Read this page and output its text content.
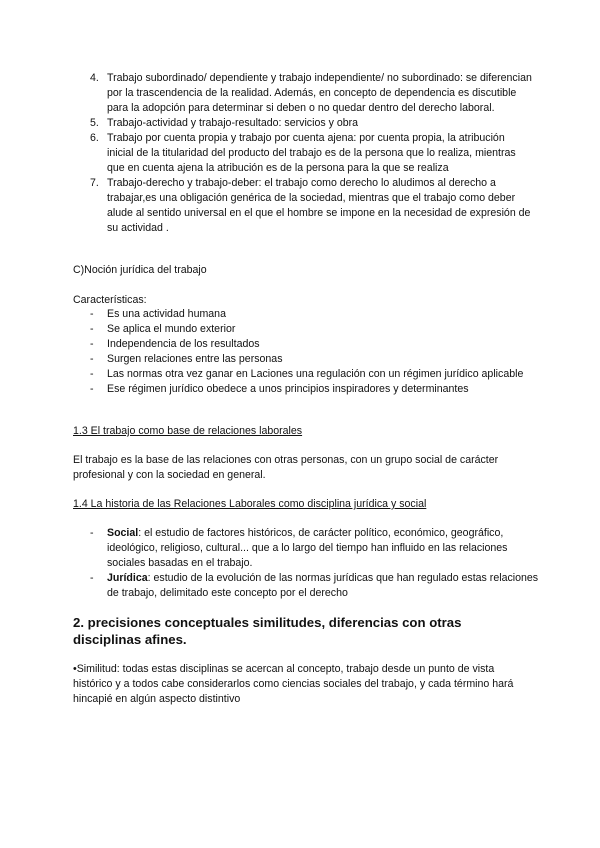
4. Trabajo subordinado/ dependiente y trabajo independiente/ no subordinado: se diferencian por la trascendencia de la realidad. Además, en concepto de dependencia es discutible para la adopción para determinar si deben o no quedar dentro del derecho laboral.
5. Trabajo-actividad y trabajo-resultado: servicios y obra
6. Trabajo por cuenta propia y trabajo por cuenta ajena: por cuenta propia, la atribución inicial de la titularidad del producto del trabajo es de la persona que lo realiza, mientras que en cuenta ajena la atribución es de la persona para la que se realiza
7. Trabajo-derecho y trabajo-deber: el trabajo como derecho lo aludimos al derecho a trabajar,es una obligación genérica de la sociedad, mientras que el trabajo como deber alude al sentido universal en el que el hombre se impone en la necesidad de expresión de su actividad .

C)Noción jurídica del trabajo

Características:

- Es una actividad humana
- Se aplica el mundo exterior
- Independencia de los resultados
- Surgen relaciones entre las personas
- Las normas otra vez ganar en Laciones una regulación con un régimen jurídico aplicable
- Ese régimen jurídico obedece a unos principios inspiradores y determinantes

1.3 El trabajo como base de relaciones laborales

El trabajo es la base de las relaciones con otras personas, con un grupo social de carácter profesional y con la sociedad en general.

1.4 La historia de las Relaciones Laborales como disciplina jurídica y social

- Social: el estudio de factores históricos, de carácter político, económico, geográfico, ideológico, religioso, cultural... que a lo largo del tiempo han influido en las relaciones sociales basadas en el trabajo.
- Jurídica: estudio de la evolución de las normas jurídicas que han regulado estas relaciones de trabajo, delimitado este concepto por el derecho
2. precisiones conceptuales similitudes, diferencias con otras disciplinas afines.

•Similitud: todas estas disciplinas se acercan al concepto, trabajo desde un punto de vista histórico y a todos cabe considerarlos como ciencias sociales del trabajo, y cada término hará hincapié en algún aspecto distintivo
